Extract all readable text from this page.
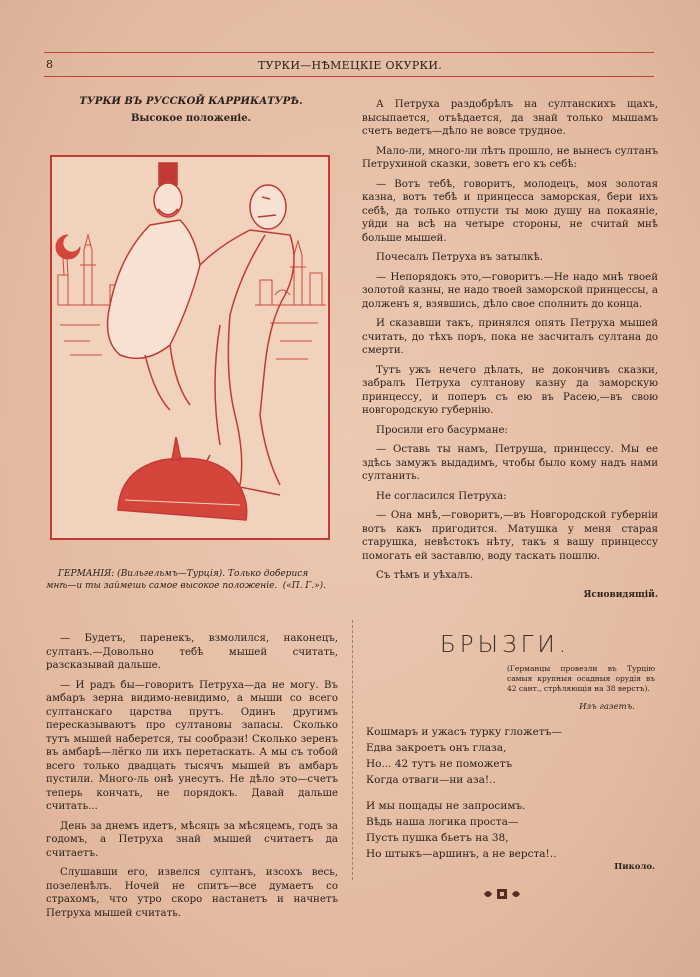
8	ТУРКИ—НѢМЕЦКІЕ ОКУРКИ.

ТУРКИ ВЪ РУССКОЙ КАРРИКАТУРѢ.

Высокое положеніе.

ГЕРМАНІЯ: (Вильгельмъ—Турція). Только доберися мнѣ—и ты займешь самое высокое положеніе. («П. Г.»).

— Будетъ, паренекъ, взмолился, наконецъ, султанъ.—Довольно тебѣ мышей считать, разсказывай дальше.

— И радъ бы—говоритъ Петруха—да не могу. Въ амбаръ зерна видимо-невидимо, а мыши со всего султанскаго царства прутъ. Одинъ другимъ пересказываютъ про султановы запасы. Сколько тутъ мышей наберется, ты сообрази! Сколько зеренъ въ амбарѣ—лёгко ли ихъ перетаскать. А мы съ тобой всего только двадцать тысячъ мышей въ амбаръ пустили. Много-ль онѣ унесутъ. Не дѣло это—счетъ теперь кончать, не порядокъ. Давай дальше считать...

День за днемъ идетъ, мѣсяцъ за мѣсяцемъ, годъ за годомъ, а Петруха знай мышей считаетъ да считаетъ.

Слушавши его, извелся султанъ, изсохъ весь, позеленѣлъ. Ночей не спитъ—все думаетъ со страхомъ, что утро скоро настанетъ и начнетъ Петруха мышей считать.

А Петруха раздобрѣлъ на султанскихъ щахъ, высыпается, отъѣдается, да знай только мышамъ счетъ ведетъ—дѣло не вовсе трудное.

Мало-ли, много-ли лѣтъ прошло, не вынесъ султанъ Петрухиной сказки, зоветъ его къ себѣ:

— Вотъ тебѣ, говоритъ, молодецъ, моя золотая казна, вотъ тебѣ и принцесса заморская, бери ихъ себѣ, да только отпусти ты мою душу на покаяніе, уйди на всѣ на четыре стороны, не считай мнѣ больше мышей.

Почесалъ Петруха въ затылкѣ.

— Непорядокъ это,—говоритъ.—Не надо мнѣ твоей золотой казны, не надо твоей заморской принцессы, а долженъ я, взявшись, дѣло свое сполнить до конца.

И сказавши такъ, принялся опять Петруха мышей считать, до тѣхъ поръ, пока не засчиталъ султана до смерти.

Тутъ ужъ нечего дѣлать, не докончивъ сказки, забралъ Петруха султанову казну да заморскую принцессу, и поперъ съ ею въ Расею,—въ свою новгородскую губернію.

Просили его басурмане:

— Оставь ты намъ, Петруша, принцессу. Мы ее здѣсь замужъ выдадимъ, чтобы было кому надъ нами султанить.

Не согласился Петруха:

— Она мнѣ,—говоритъ,—въ Новгородской губерніи вотъ какъ пригодится. Матушка у меня старая старушка, невѣстокъ нѣту, такъ я вашу принцессу помогать ей заставлю, воду таскать пошлю.

Съ тѣмъ и уѣхалъ.

Ясновидящій.

БРЫЗГИ.
(Германцы провезли въ Турцію самыя крупныя осадныя орудія въ 42 сант., стрѣляющія на 38 верстъ).
Изъ газетъ.

Кошмаръ и ужасъ турку гложетъ—

Едва закроетъ онъ глаза,

Но... 42 тутъ не поможетъ

Когда отваги—ни аза!..

И мы пощады не запросимъ.

Вѣдь наша логика проста—

Пусть пушка бьетъ на 38,

Но штыкъ—аршинъ, а не верста!..

Пиколо.
